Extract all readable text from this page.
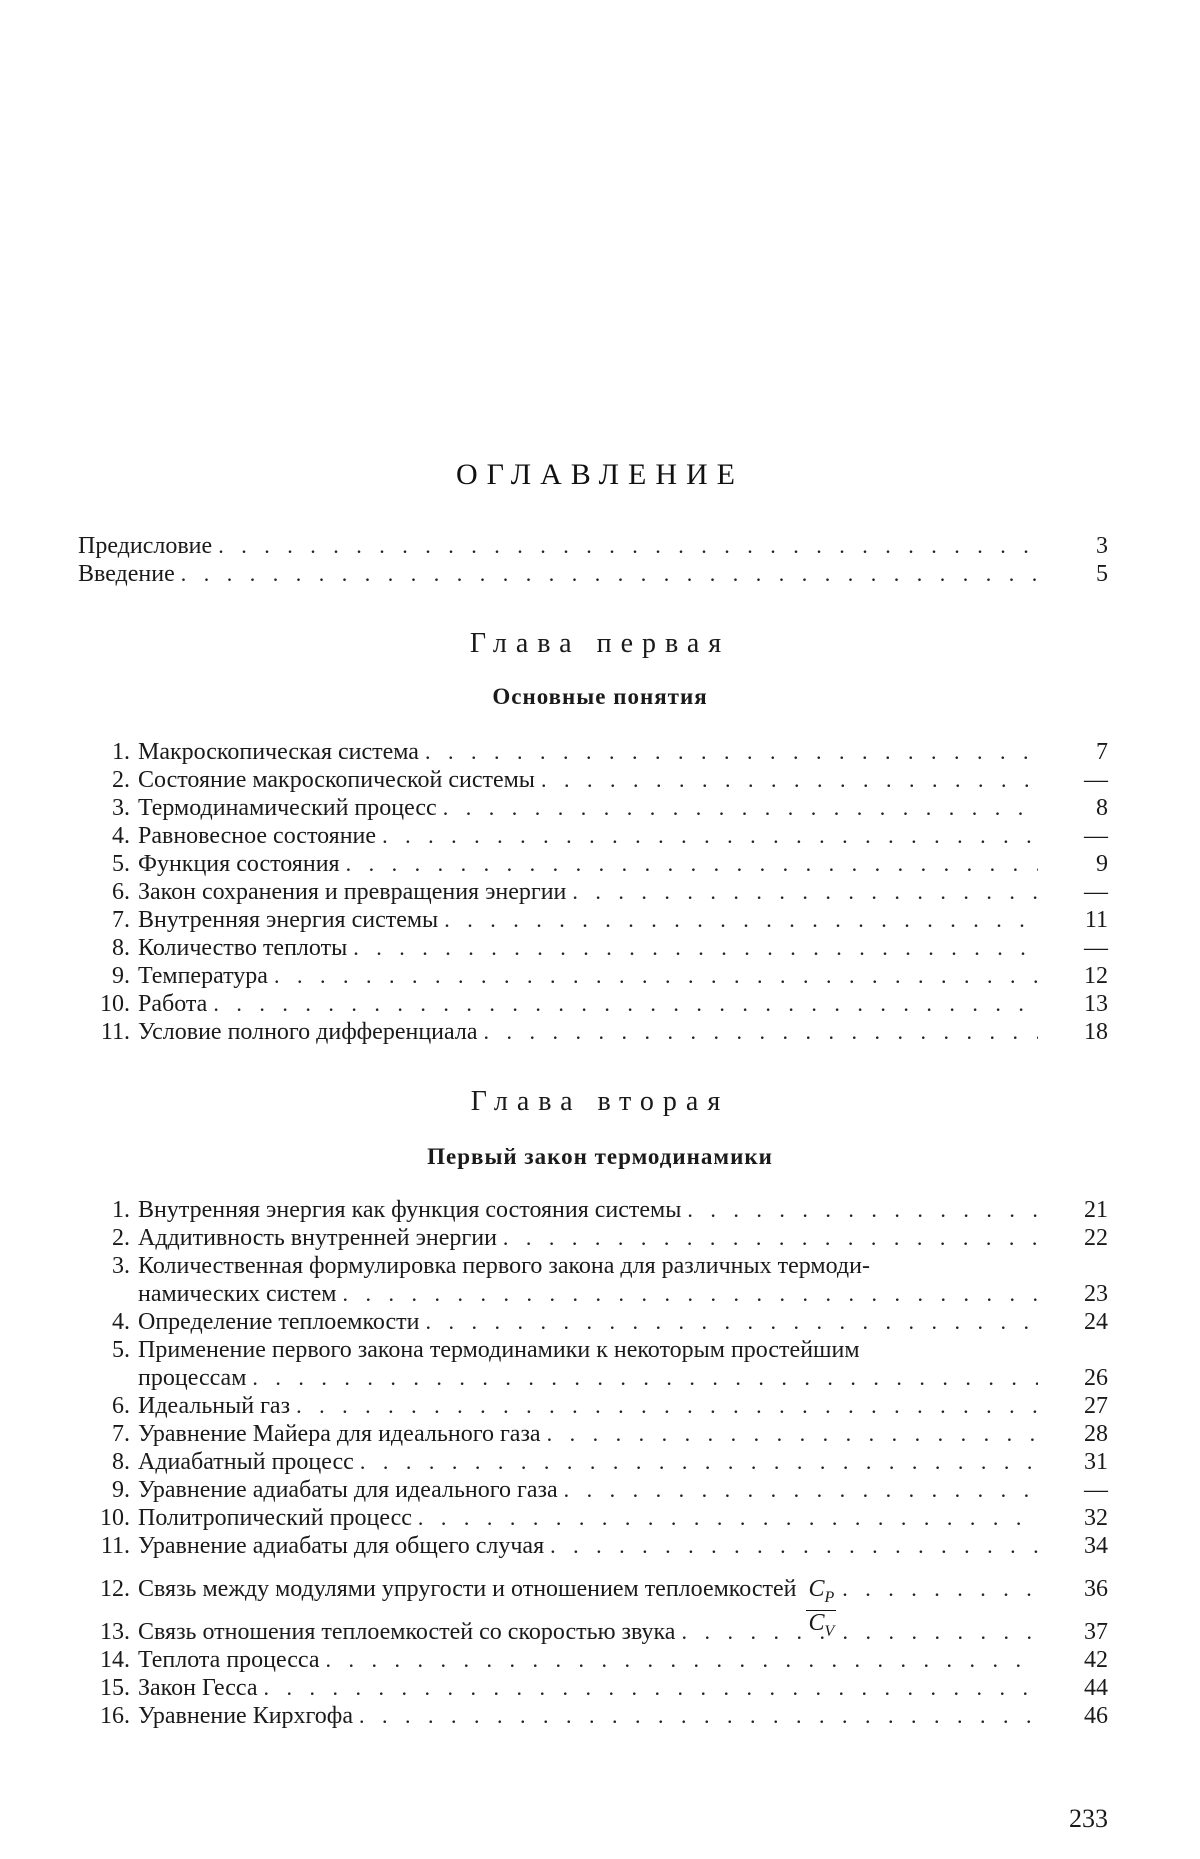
ОГЛАВЛЕНИЕ
Предисловие . . .	3
Введение . . .	5
Глава первая
Основные понятия
1. Макроскопическая система . . .	7
2. Состояние макроскопической системы . . .	—
3. Термодинамический процесс . . .	8
4. Равновесное состояние . . .	—
5. Функция состояния . . .	9
6. Закон сохранения и превращения энергии . . .	—
7. Внутренняя энергия системы . . .	11
8. Количество теплоты . . .	—
9. Температура . . .	12
10. Работа . . .	13
11. Условие полного дифференциала . . .	18
Глава вторая
Первый закон термодинамики
1. Внутренняя энергия как функция состояния системы . . .	21
2. Аддитивность внутренней энергии . . .	22
3. Количественная формулировка первого закона для различных термоди-
намических систем . . .	23
4. Определение теплоемкости . . .	24
5. Применение первого закона термодинамики к некоторым простейшим
процессам . . .	26
6. Идеальный газ . . .	27
7. Уравнение Майера для идеального газа . . .	28
8. Адиабатный процесс . . .	31
9. Уравнение адиабаты для идеального газа . . .	—
10. Политропический процесс . . .	32
11. Уравнение адиабаты для общего случая . . .	34
12. Связь между модулями упругости и отношением теплоемкостей $\frac{C_P}{C_V}$ . . .	36
13. Связь отношения теплоемкостей со скоростью звука . . .	37
14. Теплота процесса . . .	42
15. Закон Гесса . . .	44
16. Уравнение Кирхгофа . . .	46
233
